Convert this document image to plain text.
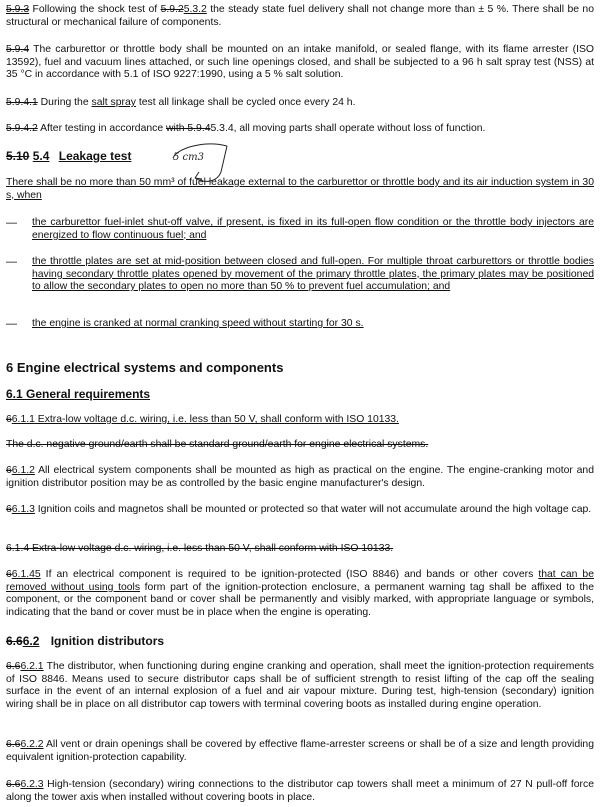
5.9.3 Following the shock test of 5.9.25.3.2 the steady state fuel delivery shall not change more than ± 5 %. There shall be no structural or mechanical failure of components.
5.9.4 The carburettor or throttle body shall be mounted on an intake manifold, or sealed flange, with its flame arrester (ISO 13592), fuel and vacuum lines attached, or such line openings closed, and shall be subjected to a 96 h salt spray test (NSS) at 35 °C in accordance with 5.1 of ISO 9227:1990, using a 5 % salt solution.
5.9.4.1 During the salt spray test all linkage shall be cycled once every 24 h.
5.9.4.2 After testing in accordance with 5.9.45.3.4, all moving parts shall operate without loss of function.
5.10 5.4 Leakage test	5 cm3
There shall be no more than 50 mm³ of fuel leakage external to the carburettor or throttle body and its air induction system in 30 s, when
— the carburettor fuel-inlet shut-off valve, if present, is fixed in its full-open flow condition or the throttle body injectors are energized to flow continuous fuel; and
— the throttle plates are set at mid-position between closed and full-open. For multiple throat carburettors or throttle bodies having secondary throttle plates opened by movement of the primary throttle plates, the primary plates may be positioned to allow the secondary plates to open no more than 50 % to prevent fuel accumulation; and
— the engine is cranked at normal cranking speed without starting for 30 s.
6 Engine electrical systems and components
6.1 General requirements
66.1.1 Extra-low voltage d.c. wiring, i.e. less than 50 V, shall conform with ISO 10133.
The d.c. negative ground/earth shall be standard ground/earth for engine electrical systems.
66.1.2 All electrical system components shall be mounted as high as practical on the engine. The engine-cranking motor and ignition distributor position may be as controlled by the basic engine manufacturer's design.
66.1.3 Ignition coils and magnetos shall be mounted or protected so that water will not accumulate around the high voltage cap.
6.1.4 Extra-low voltage d.c. wiring, i.e. less than 50 V, shall conform with ISO 10133.
66.1.45 If an electrical component is required to be ignition-protected (ISO 8846) and bands or other covers that can be removed without using tools form part of the ignition-protection enclosure, a permanent warning tag shall be affixed to the component, or the component band or cover shall be permanently and visibly marked, with appropriate language or symbols, indicating that the band or cover must be in place when the engine is operating.
6.66.2 Ignition distributors
6.66.2.1 The distributor, when functioning during engine cranking and operation, shall meet the ignition-protection requirements of ISO 8846. Means used to secure distributor caps shall be of sufficient strength to resist lifting of the cap off the sealing surface in the event of an internal explosion of a fuel and air vapour mixture. During test, high-tension (secondary) ignition wiring shall be in place on all distributor cap towers with terminal covering boots as installed during engine operation.
6.66.2.2 All vent or drain openings shall be covered by effective flame-arrester screens or shall be of a size and length providing equivalent ignition-protection capability.
6.66.2.3 High-tension (secondary) wiring connections to the distributor cap towers shall meet a minimum of 27 N pull-off force along the tower axis when installed without covering boots in place.
